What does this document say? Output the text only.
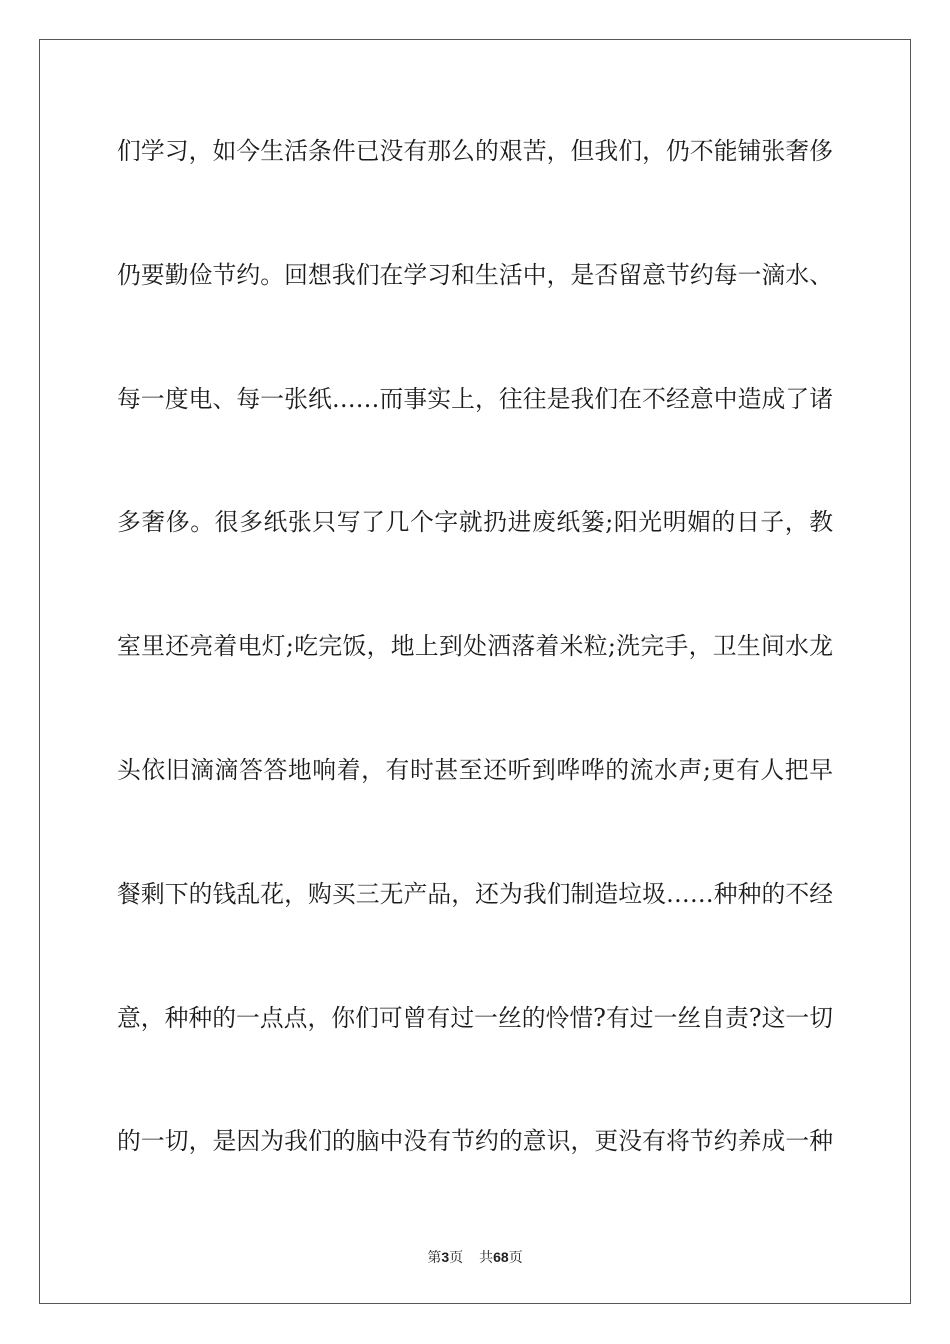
们学习，如今生活条件已没有那么的艰苦，但我们，仍不能铺张奢侈
仍要勤俭节约。回想我们在学习和生活中，是否留意节约每一滴水、
每一度电、每一张纸……而事实上，往往是我们在不经意中造成了诸
多奢侈。很多纸张只写了几个字就扔进废纸篓;阳光明媚的日子，教
室里还亮着电灯;吃完饭，地上到处洒落着米粒;洗完手，卫生间水龙
头依旧滴滴答答地响着，有时甚至还听到哗哗的流水声;更有人把早
餐剩下的钱乱花，购买三无产品，还为我们制造垃圾……种种的不经
意，种种的一点点，你们可曾有过一丝的怜惜?有过一丝自责?这一切
的一切，是因为我们的脑中没有节约的意识，更没有将节约养成一种
第3页 共68页
